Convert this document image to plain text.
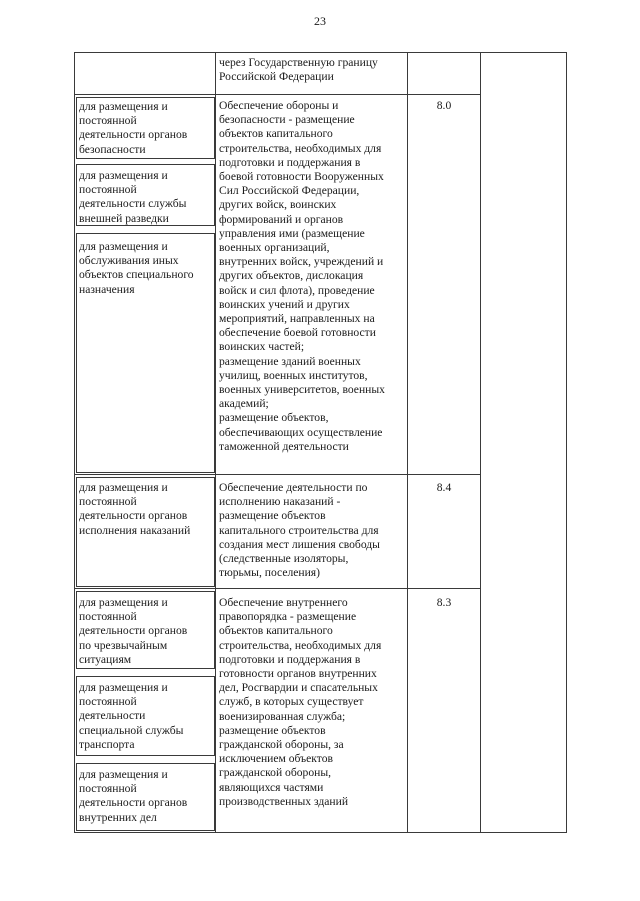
23
через Государственную границу
Российской Федерации
для размещения и
постоянной
деятельности органов
безопасности
для размещения и
постоянной
деятельности службы
внешней разведки
для размещения и
обслуживания иных
объектов специального
назначения
Обеспечение обороны и
безопасности - размещение
объектов капитального
строительства, необходимых для
подготовки и поддержания в
боевой готовности Вооруженных
Сил Российской Федерации,
других войск, воинских
формирований и органов
управления ими (размещение
военных организаций,
внутренних войск, учреждений и
других объектов, дислокация
войск и сил флота), проведение
воинских учений и других
мероприятий, направленных на
обеспечение боевой готовности
воинских частей;
размещение зданий военных
училищ, военных институтов,
военных университетов, военных
академий;
размещение объектов,
обеспечивающих осуществление
таможенной деятельности
8.0
для размещения и
постоянной
деятельности органов
исполнения наказаний
Обеспечение деятельности по
исполнению наказаний -
размещение объектов
капитального строительства для
создания мест лишения свободы
(следственные изоляторы,
тюрьмы, поселения)
8.4
для размещения и
постоянной
деятельности органов
по чрезвычайным
ситуациям
для размещения и
постоянной
деятельности
специальной службы
транспорта
для размещения и
постоянной
деятельности органов
внутренних дел
Обеспечение внутреннего
правопорядка - размещение
объектов капитального
строительства, необходимых для
подготовки и поддержания в
готовности органов внутренних
дел, Росгвардии и спасательных
служб, в которых существует
военизированная служба;
размещение объектов
гражданской обороны, за
исключением объектов
гражданской обороны,
являющихся частями
производственных зданий
8.3
